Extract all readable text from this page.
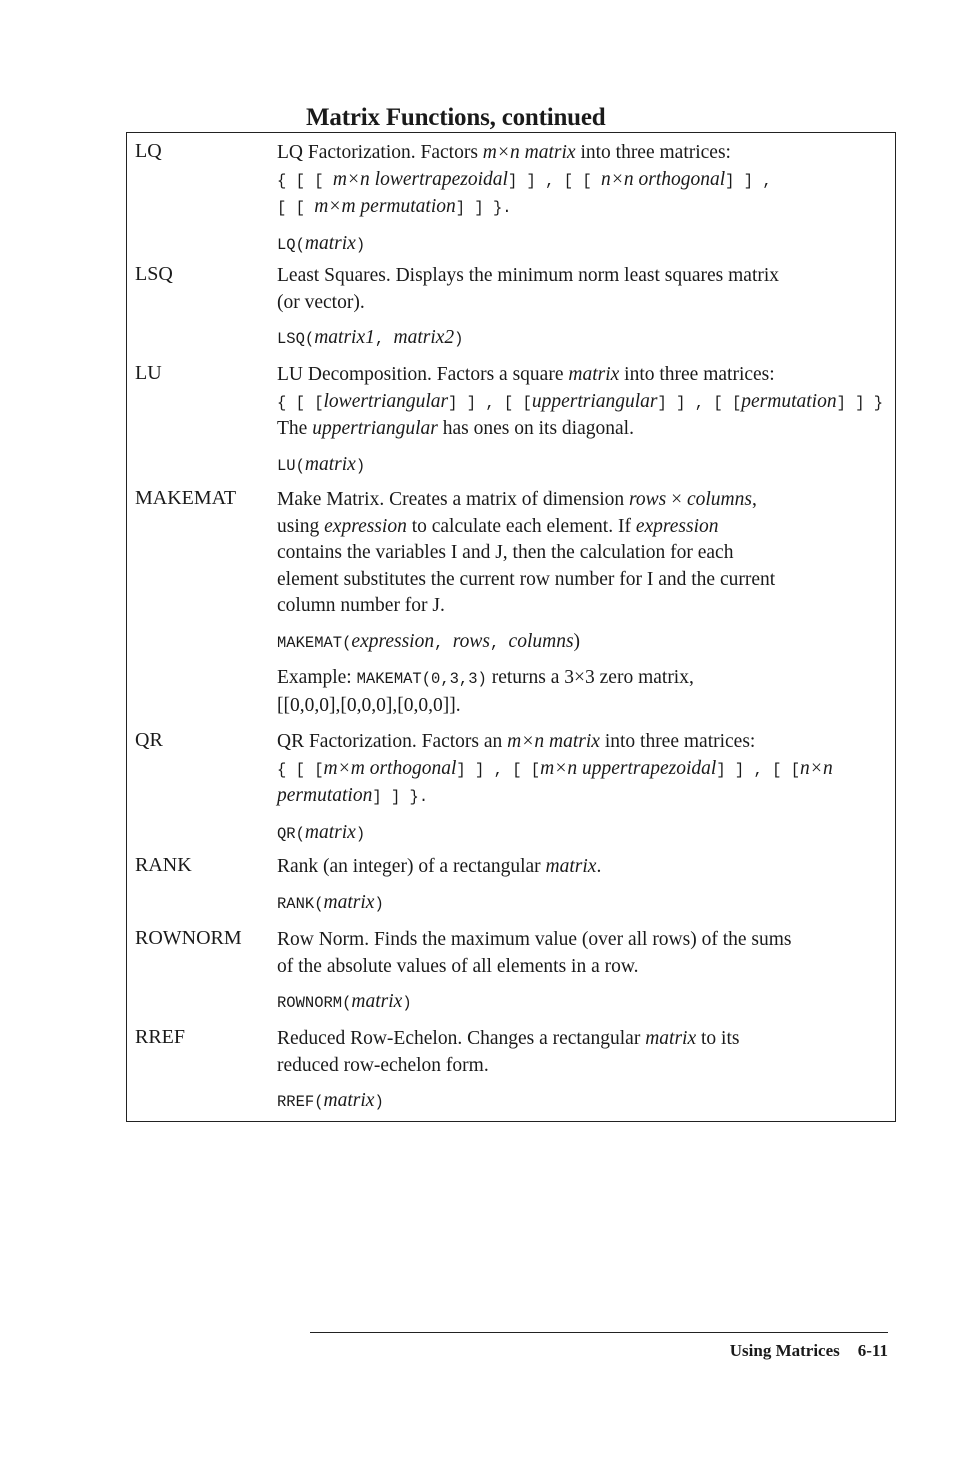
Matrix Functions, continued
LQ	LQ Factorization. Factors m×n matrix into three matrices:
{ [ [ m×n lowertrapezoidal] ] , [ [ n×n orthogonal] ] ,
[ [ m×m permutation] ] }.
LQ(matrix)
LSQ	Least Squares. Displays the minimum norm least squares matrix
(or vector).
LSQ(matrix1, matrix2)
LU	LU Decomposition. Factors a square matrix into three matrices:
{ [ [lowertriangular] ] , [ [uppertriangular] ] , [ [permutation] ] }
The uppertriangular has ones on its diagonal.
LU(matrix)
MAKEMAT Make Matrix. Creates a matrix of dimension rows × columns,
using expression to calculate each element. If expression
contains the variables I and J, then the calculation for each
element substitutes the current row number for I and the current
column number for J.
MAKEMAT(expression, rows, columns)
Example: MAKEMAT(0,3,3) returns a 3×3 zero matrix,
[[0,0,0],[0,0,0],[0,0,0]].
QR	QR Factorization. Factors an m×n matrix into three matrices:
{ [ [m×m orthogonal] ] , [ [m×n uppertrapezoidal] ] , [ [n×n
permutation] ] }.
QR(matrix)
RANK	Rank (an integer) of a rectangular matrix.
RANK(matrix)
ROWNORM Row Norm. Finds the maximum value (over all rows) of the sums
of the absolute values of all elements in a row.
ROWNORM(matrix)
RREF	Reduced Row-Echelon. Changes a rectangular matrix to its
reduced row-echelon form.
RREF(matrix)
Using Matrices 6-11
